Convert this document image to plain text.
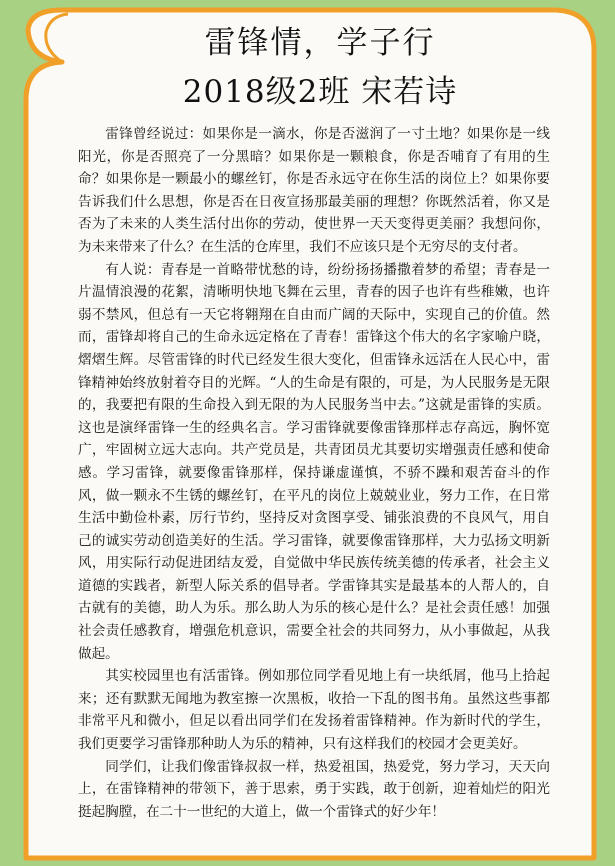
雷锋情，学子行
2018级2班 宋若诗

雷锋曾经说过：如果你是一滴水，你是否滋润了一寸土地？如果你是一线阳光，你是否照亮了一分黑暗？如果你是一颗粮食，你是否哺育了有用的生命？如果你是一颗最小的螺丝钉，你是否永远守在你生活的岗位上？如果你要告诉我们什么思想，你是否在日夜宣扬那最美丽的理想？你既然活着，你又是否为了未来的人类生活付出你的劳动，使世界一天天变得更美丽？我想问你，为未来带来了什么？在生活的仓库里，我们不应该只是个无穷尽的支付者。

有人说：青春是一首略带忧愁的诗，纷纷扬扬播撒着梦的希望；青春是一片温情浪漫的花絮，清晰明快地飞舞在云里，青春的因子也许有些稚嫩，也许弱不禁风，但总有一天它将翱翔在自由而广阔的天际中，实现自己的价值。然而，雷锋却将自己的生命永远定格在了青春！雷锋这个伟大的名字家喻户晓，熠熠生辉。尽管雷锋的时代已经发生很大变化，但雷锋永远活在人民心中，雷锋精神始终放射着夺目的光辉。“人的生命是有限的，可是，为人民服务是无限的，我要把有限的生命投入到无限的为人民服务当中去。”这就是雷锋的实质。这也是演绎雷锋一生的经典名言。学习雷锋就要像雷锋那样志存高远，胸怀宽广，牢固树立远大志向。共产党员是，共青团员尤其要切实增强责任感和使命感。学习雷锋，就要像雷锋那样，保持谦虚谨慎，不骄不躁和艰苦奋斗的作风，做一颗永不生锈的螺丝钉，在平凡的岗位上兢兢业业，努力工作，在日常生活中勤俭朴素，厉行节约，坚持反对贪图享受、铺张浪费的不良风气，用自己的诚实劳动创造美好的生活。学习雷锋，就要像雷锋那样，大力弘扬文明新风，用实际行动促进团结友爱，自觉做中华民族传统美德的传承者，社会主义道德的实践者，新型人际关系的倡导者。学雷锋其实是最基本的人帮人的，自古就有的美德，助人为乐。那么助人为乐的核心是什么？是社会责任感！加强社会责任感教育，增强危机意识，需要全社会的共同努力，从小事做起，从我做起。

其实校园里也有活雷锋。例如那位同学看见地上有一块纸屑，他马上拾起来；还有默默无闻地为教室擦一次黑板，收拾一下乱的图书角。虽然这些事都非常平凡和微小，但足以看出同学们在发扬着雷锋精神。作为新时代的学生，我们更要学习雷锋那种助人为乐的精神，只有这样我们的校园才会更美好。

同学们，让我们像雷锋叔叔一样，热爱祖国，热爱党，努力学习，天天向上，在雷锋精神的带领下，善于思索，勇于实践，敢于创新，迎着灿烂的阳光挺起胸膛，在二十一世纪的大道上，做一个雷锋式的好少年！
